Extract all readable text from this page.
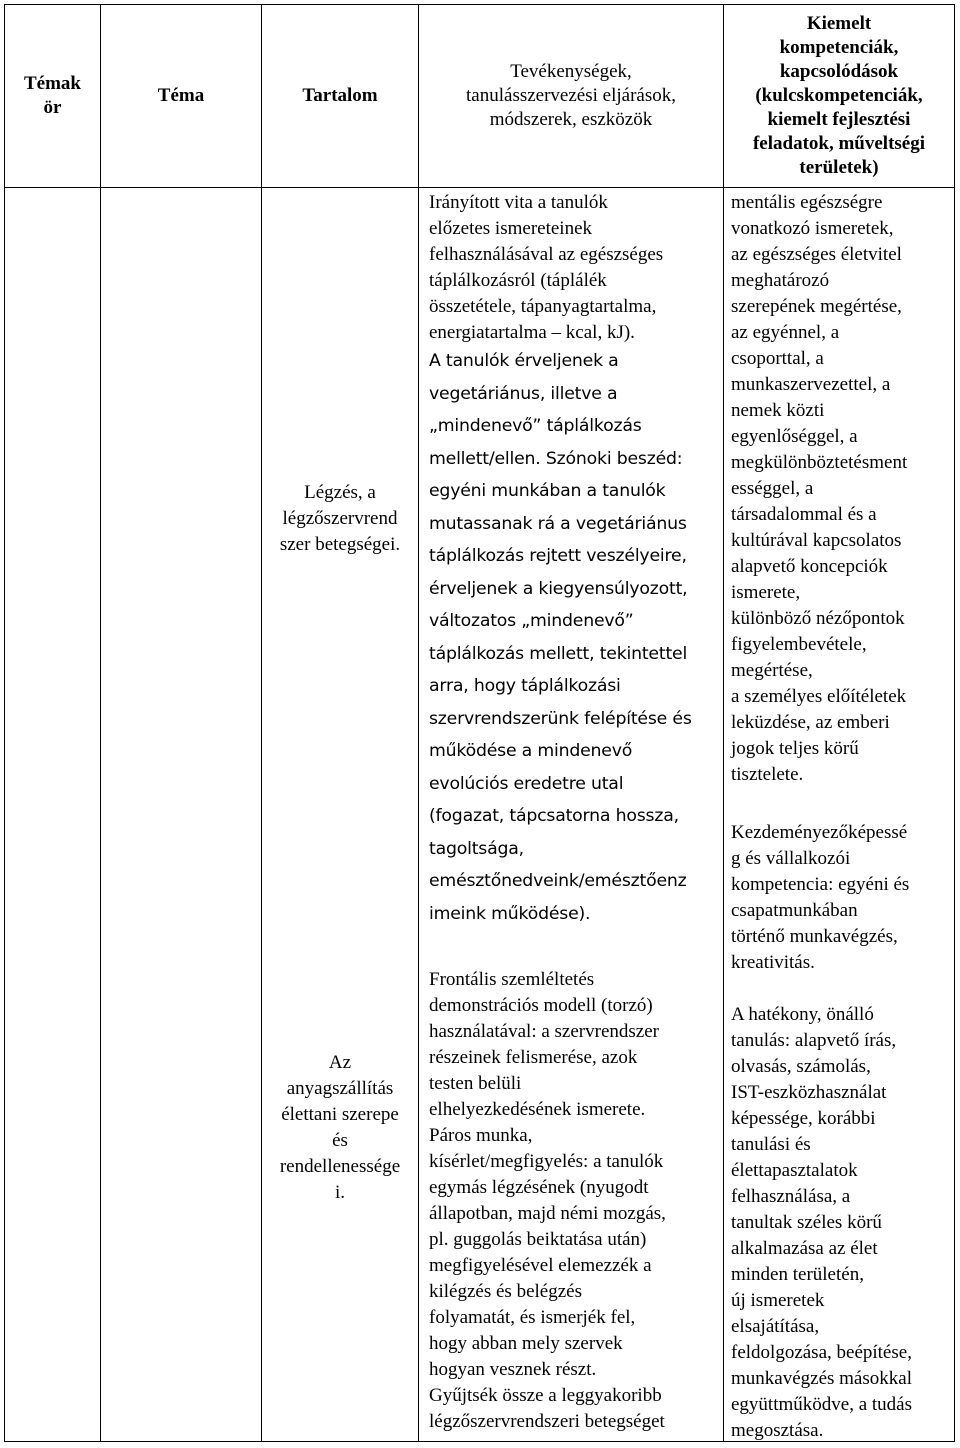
Témak
ör
Téma	Tartalom
Tevékenységek,
tanulásszervezési eljárások,
módszerek, eszközök
Kiemelt
kompetenciák,
kapcsolódások
(kulcskompetenciák,
kiemelt fejlesztési
feladatok, műveltségi
területek)

Légzés, a

légzőszervrend

szer betegségei.

Az

anyagszállítás

élettani szerepe

és

rendellenessége

i.

Irányított vita a tanulók

előzetes ismereteinek

felhasználásával az egészséges

táplálkozásról (táplálék

összetétele, tápanyagtartalma,

energiatartalma – kcal, kJ).

A tanulók érveljenek a

vegetáriánus, illetve a

„mindenevő” táplálkozás

mellett/ellen. Szónoki beszéd:

egyéni munkában a tanulók

mutassanak rá a vegetáriánus

táplálkozás rejtett veszélyeire,

érveljenek a kiegyensúlyozott,

változatos „mindenevő”

táplálkozás mellett, tekintettel

arra, hogy táplálkozási

szervrendszerünk felépítése és

működése a mindenevő

evolúciós eredetre utal

(fogazat, tápcsatorna hossza,

tagoltsága,

emésztőnedveink/emésztőenz

imeink működése).

Frontális szemléltetés

demonstrációs modell (torzó)

használatával: a szervrendszer

részeinek felismerése, azok

testen belüli

elhelyezkedésének ismerete.

Páros munka,

kísérlet/megfigyelés: a tanulók

egymás légzésének (nyugodt

állapotban, majd némi mozgás,

pl. guggolás beiktatása után)

megfigyelésével elemezzék a

kilégzés és belégzés

folyamatát, és ismerjék fel,

hogy abban mely szervek

hogyan vesznek részt.

Gyűjtsék össze a leggyakoribb

légzőszervrendszeri betegséget

mentális egészségre

vonatkozó ismeretek,

az egészséges életvitel

meghatározó

szerepének megértése,

az egyénnel, a

csoporttal, a

munkaszervezettel, a

nemek közti

egyenlőséggel, a

megkülönböztetésment

ességgel, a

társadalommal és a

kultúrával kapcsolatos

alapvető koncepciók

ismerete,

különböző nézőpontok

figyelembevétele,

megértése,

a személyes előítéletek

leküzdése, az emberi

jogok teljes körű

tisztelete.

Kezdeményezőképessé

g és vállalkozói

kompetencia: egyéni és

csapatmunkában

történő munkavégzés,

kreativitás.

A hatékony, önálló

tanulás: alapvető írás,

olvasás, számolás,

IST-eszközhasználat

képessége, korábbi

tanulási és

élettapasztalatok

felhasználása, a

tanultak széles körű

alkalmazása az élet

minden területén,

új ismeretek

elsajátítása,

feldolgozása, beépítése,

munkavégzés másokkal

együttműködve, a tudás

megosztása.
